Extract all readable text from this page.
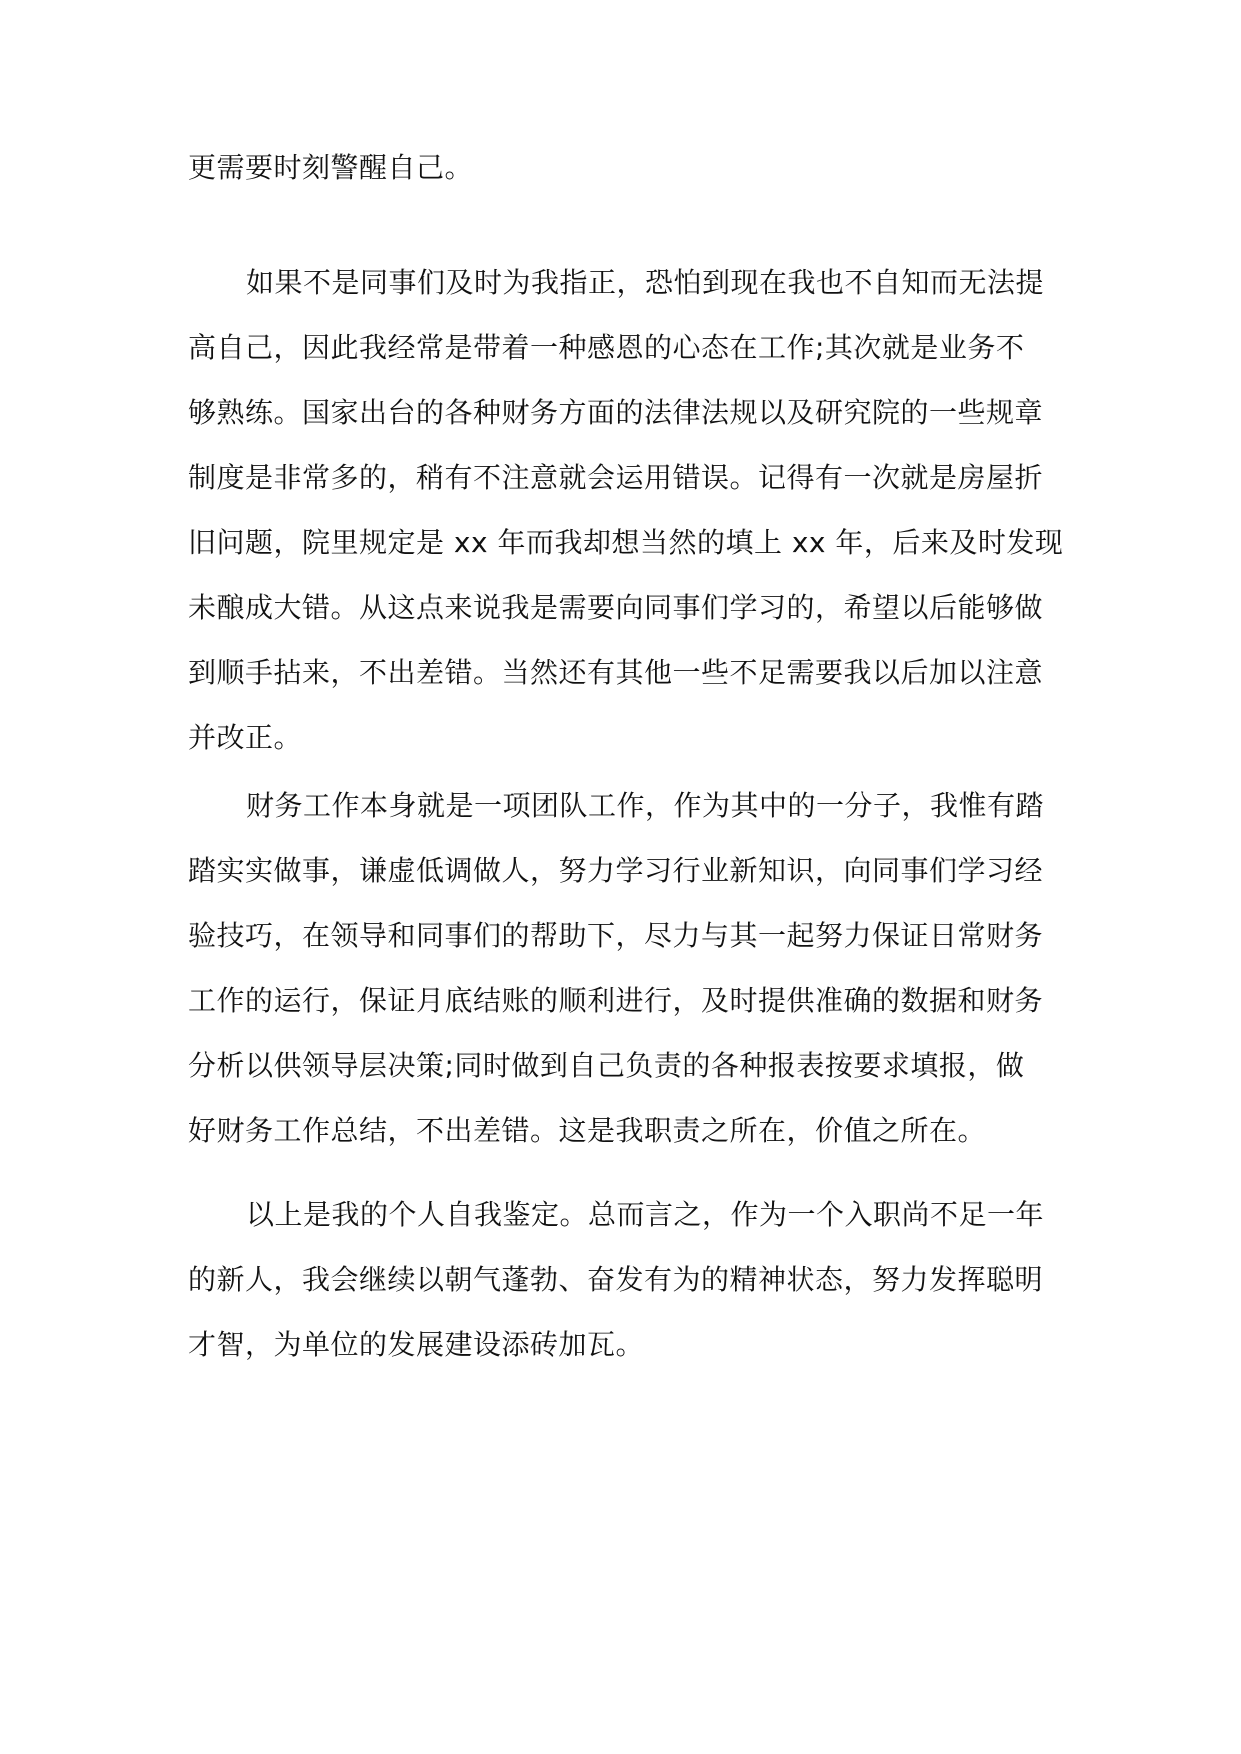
更需要时刻警醒自己。
如果不是同事们及时为我指正，恐怕到现在我也不自知而无法提
高自己，因此我经常是带着一种感恩的心态在工作;其次就是业务不
够熟练。国家出台的各种财务方面的法律法规以及研究院的一些规章
制度是非常多的，稍有不注意就会运用错误。记得有一次就是房屋折
旧问题，院里规定是 xx 年而我却想当然的填上 xx 年，后来及时发现
未酿成大错。从这点来说我是需要向同事们学习的，希望以后能够做
到顺手拈来，不出差错。当然还有其他一些不足需要我以后加以注意
并改正。
财务工作本身就是一项团队工作，作为其中的一分子，我惟有踏
踏实实做事，谦虚低调做人，努力学习行业新知识，向同事们学习经
验技巧，在领导和同事们的帮助下，尽力与其一起努力保证日常财务
工作的运行，保证月底结账的顺利进行，及时提供准确的数据和财务
分析以供领导层决策;同时做到自己负责的各种报表按要求填报，做
好财务工作总结，不出差错。这是我职责之所在，价值之所在。
以上是我的个人自我鉴定。总而言之，作为一个入职尚不足一年
的新人，我会继续以朝气蓬勃、奋发有为的精神状态，努力发挥聪明
才智，为单位的发展建设添砖加瓦。
